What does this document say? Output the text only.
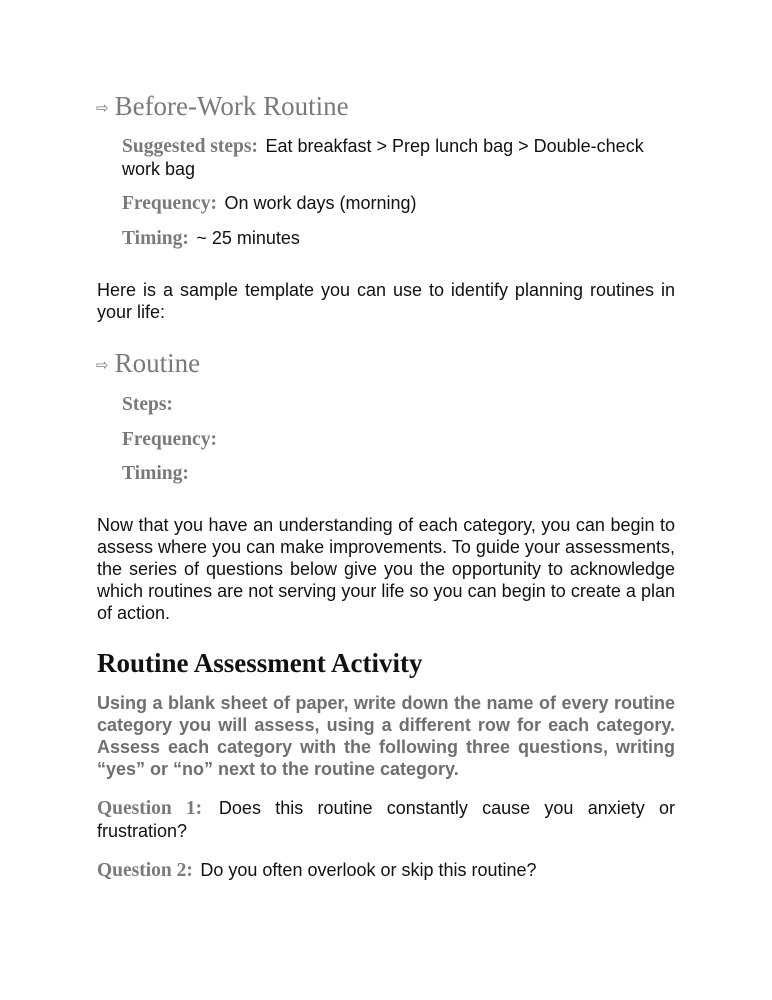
⇨ Before-Work Routine
Suggested steps: Eat breakfast > Prep lunch bag > Double-check work bag
Frequency: On work days (morning)
Timing: ~ 25 minutes
Here is a sample template you can use to identify planning routines in your life:
⇨ Routine
Steps:
Frequency:
Timing:
Now that you have an understanding of each category, you can begin to assess where you can make improvements. To guide your assessments, the series of questions below give you the opportunity to acknowledge which routines are not serving your life so you can begin to create a plan of action.
Routine Assessment Activity
Using a blank sheet of paper, write down the name of every routine category you will assess, using a different row for each category. Assess each category with the following three questions, writing “yes” or “no” next to the routine category.
Question 1: Does this routine constantly cause you anxiety or frustration?
Question 2: Do you often overlook or skip this routine?
